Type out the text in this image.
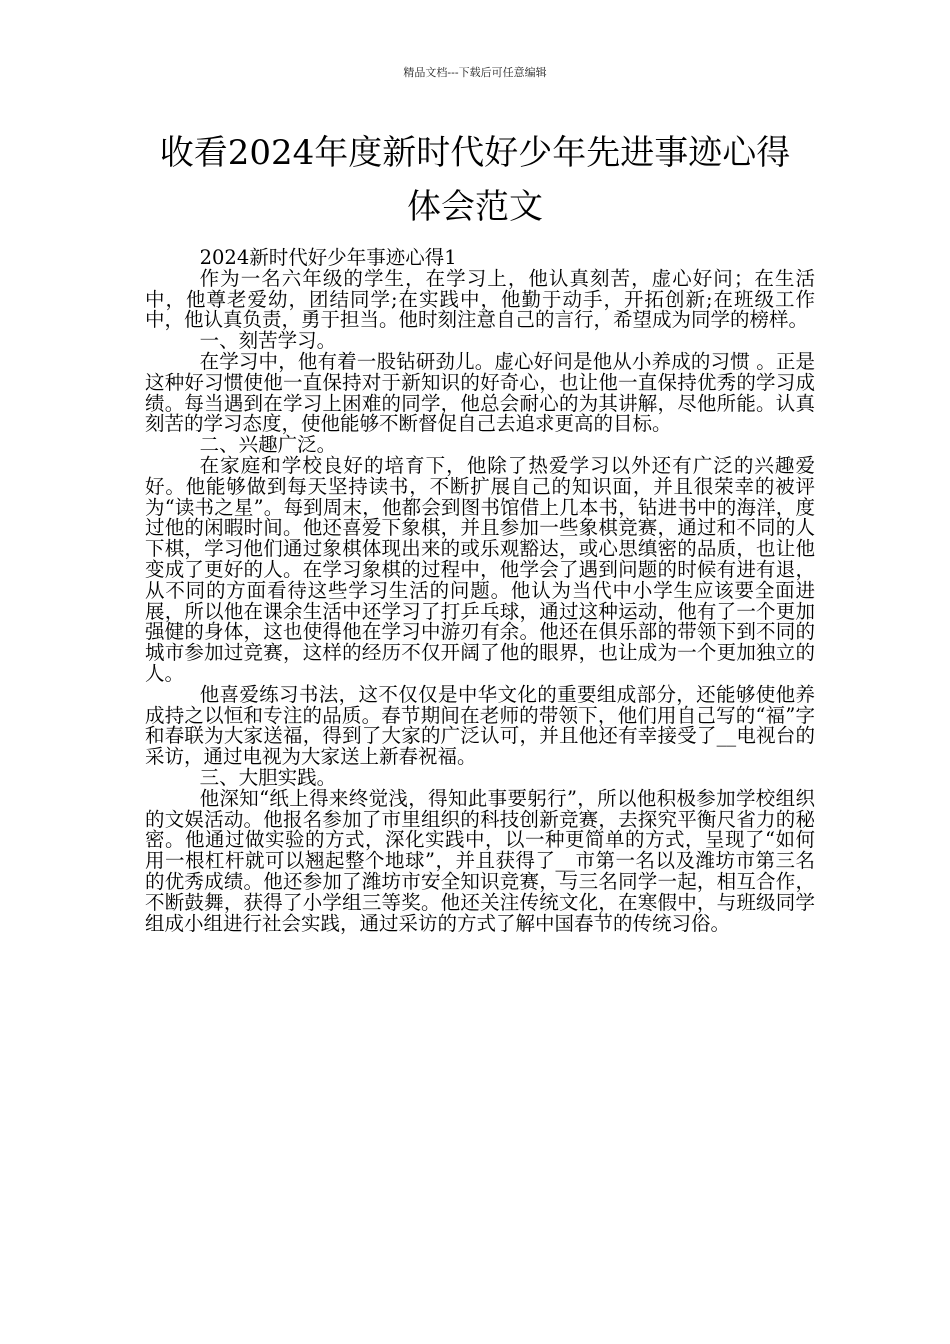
精品文档---下载后可任意编辑
收看2024年度新时代好少年先进事迹心得
体会范文

2024新时代好少年事迹心得1

作为一名六年级的学生，在学习上，他认真刻苦，虚心好问；在生活中，他尊老爱幼，团结同学;在实践中，他勤于动手，开拓创新;在班级工作中，他认真负责，勇于担当。他时刻注意自己的言行，希望成为同学的榜样。

一、刻苦学习。

在学习中，他有着一股钻研劲儿。虚心好问是他从小养成的习惯 。正是这种好习惯使他一直保持对于新知识的好奇心，也让他一直保持优秀的学习成绩。每当遇到在学习上困难的同学，他总会耐心的为其讲解，尽他所能。认真刻苦的学习态度，使他能够不断督促自己去追求更高的目标。

二、兴趣广泛。

在家庭和学校良好的培育下，他除了热爱学习以外还有广泛的兴趣爱好。他能够做到每天坚持读书，不断扩展自己的知识面，并且很荣幸的被评为“读书之星”。每到周末，他都会到图书馆借上几本书，钻进书中的海洋，度过他的闲暇时间。他还喜爱下象棋，并且参加一些象棋竞赛，通过和不同的人下棋，学习他们通过象棋体现出来的或乐观豁达，或心思缜密的品质，也让他变成了更好的人。在学习象棋的过程中，他学会了遇到问题的时候有进有退，从不同的方面看待这些学习生活的问题。他认为当代中小学生应该要全面进展，所以他在课余生活中还学习了打乒乓球，通过这种运动，他有了一个更加强健的身体，这也使得他在学习中游刃有余。他还在俱乐部的带领下到不同的城市参加过竞赛，这样的经历不仅开阔了他的眼界，也让成为一个更加独立的人。

他喜爱练习书法，这不仅仅是中华文化的重要组成部分，还能够使他养成持之以恒和专注的品质。春节期间在老师的带领下，他们用自己写的“福”字和春联为大家送福，得到了大家的广泛认可，并且他还有幸接受了__电视台的采访，通过电视为大家送上新春祝福。

三、大胆实践。

他深知“纸上得来终觉浅，得知此事要躬行”，所以他积极参加学校组织的文娱活动。他报名参加了市里组织的科技创新竞赛，去探究平衡尺省力的秘密。他通过做实验的方式，深化实践中，以一种更简单的方式，呈现了“如何用一根杠杆就可以翘起整个地球”，并且获得了__市第一名以及潍坊市第三名的优秀成绩。他还参加了潍坊市安全知识竞赛，与三名同学一起，相互合作，不断鼓舞，获得了小学组三等奖。他还关注传统文化，在寒假中，与班级同学组成小组进行社会实践，通过采访的方式了解中国春节的传统习俗。
